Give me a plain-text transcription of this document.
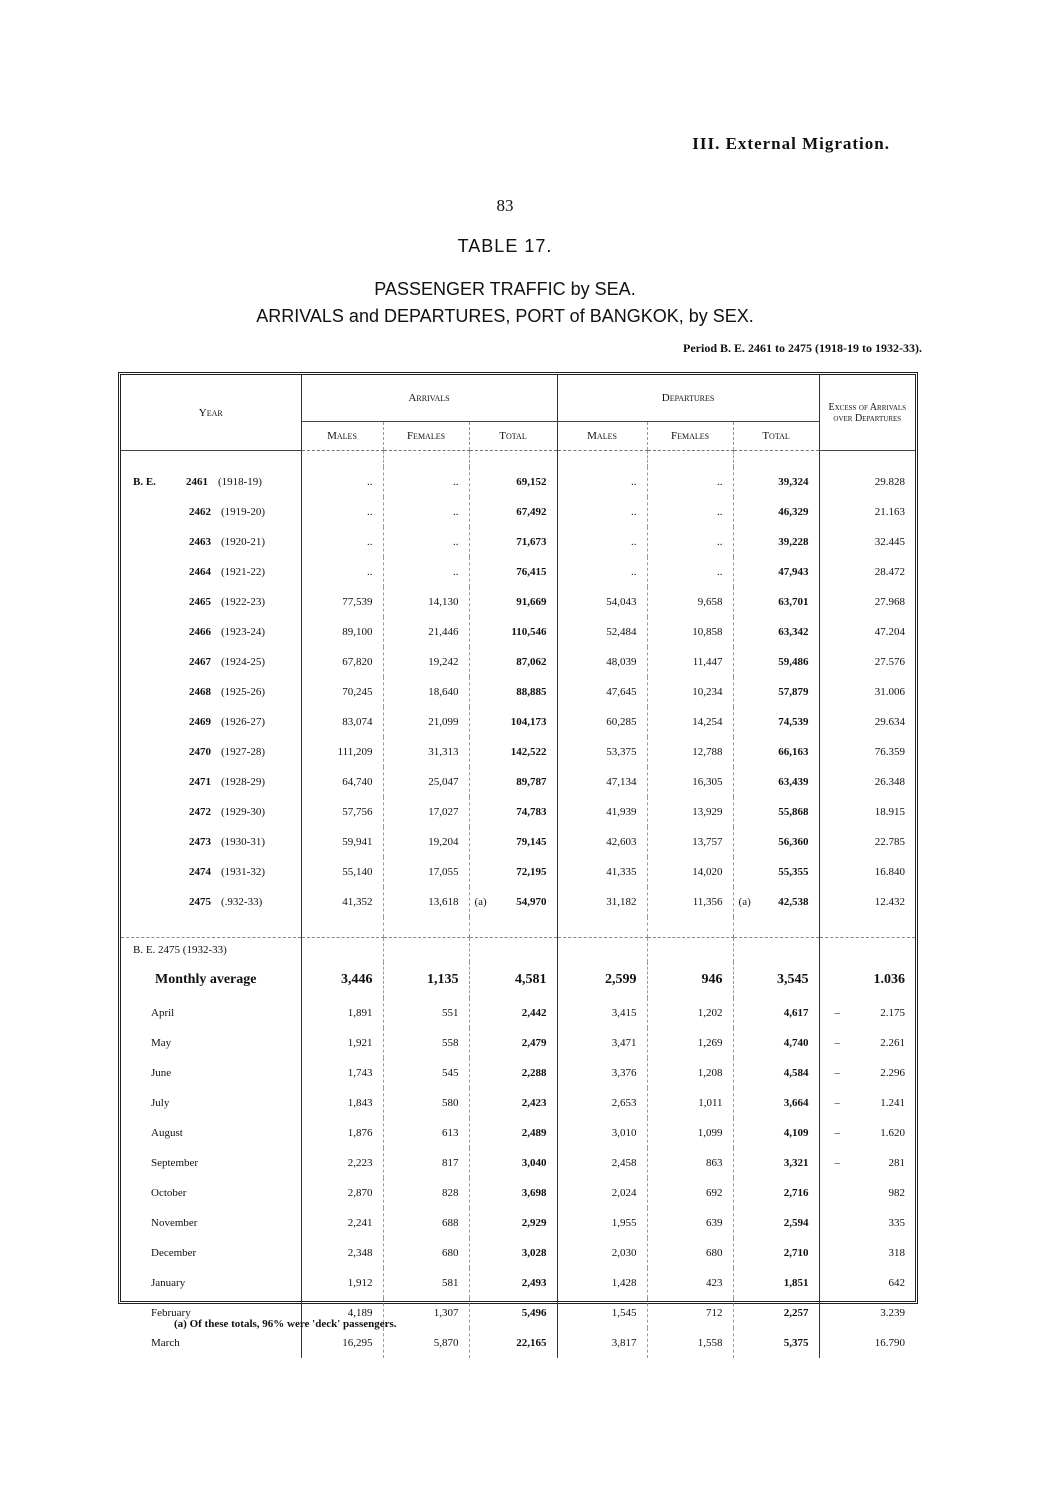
III. External Migration.
83
TABLE 17.
PASSENGER TRAFFIC by SEA.
ARRIVALS and DEPARTURES, PORT of BANGKOK, by SEX.
Period B. E. 2461 to 2475 (1918-19 to 1932-33).
Year	Arrivals			Departures			Excess of Arrivals over Departures
	Males	Females	Total	Males	Females	Total	

B. E. 2461 (1918-19)	..	..	69,152	..	..	39,324	29.828
2462 (1919-20)	..	..	67,492	..	..	46,329	21.163
2463 (1920-21)	..	..	71,673	..	..	39,228	32.445
2464 (1921-22)	..	..	76,415	..	..	47,943	28.472
2465 (1922-23)	77,539	14,130	91,669	54,043	9,658	63,701	27.968
2466 (1923-24)	89,100	21,446	110,546	52,484	10,858	63,342	47.204
2467 (1924-25)	67,820	19,242	87,062	48,039	11,447	59,486	27.576
2468 (1925-26)	70,245	18,640	88,885	47,645	10,234	57,879	31.006
2469 (1926-27)	83,074	21,099	104,173	60,285	14,254	74,539	29.634
2470 (1927-28)	111,209	31,313	142,522	53,375	12,788	66,163	76.359
2471 (1928-29)	64,740	25,047	89,787	47,134	16,305	63,439	26.348
2472 (1929-30)	57,756	17,027	74,783	41,939	13,929	55,868	18.915
2473 (1930-31)	59,941	19,204	79,145	42,603	13,757	56,360	22.785
2474 (1931-32)	55,140	17,055	72,195	41,335	14,020	55,355	16.840
2475 (.932-33)	41,352	13,618	(a) 54,970	31,182	11,356	(a) 42,538	12.432

B. E. 2475 (1932-33)							
Monthly average	3,446	1,135	4,581	2,599	946	3,545	1.036
April	1,891	551	2,442	3,415	1,202	4,617	– 2.175
May	1,921	558	2,479	3,471	1,269	4,740	– 2.261
June	1,743	545	2,288	3,376	1,208	4,584	– 2.296
July	1,843	580	2,423	2,653	1,011	3,664	– 1.241
August	1,876	613	2,489	3,010	1,099	4,109	– 1.620
September	2,223	817	3,040	2,458	863	3,321	– 281
October	2,870	828	3,698	2,024	692	2,716	982
November	2,241	688	2,929	1,955	639	2,594	335
December	2,348	680	3,028	2,030	680	2,710	318
January	1,912	581	2,493	1,428	423	1,851	642
February	4,189	1,307	5,496	1,545	712	2,257	3.239
March	16,295	5,870	22,165	3,817	1,558	5,375	16.790
(a) Of these totals, 96% were 'deck' passengers.
